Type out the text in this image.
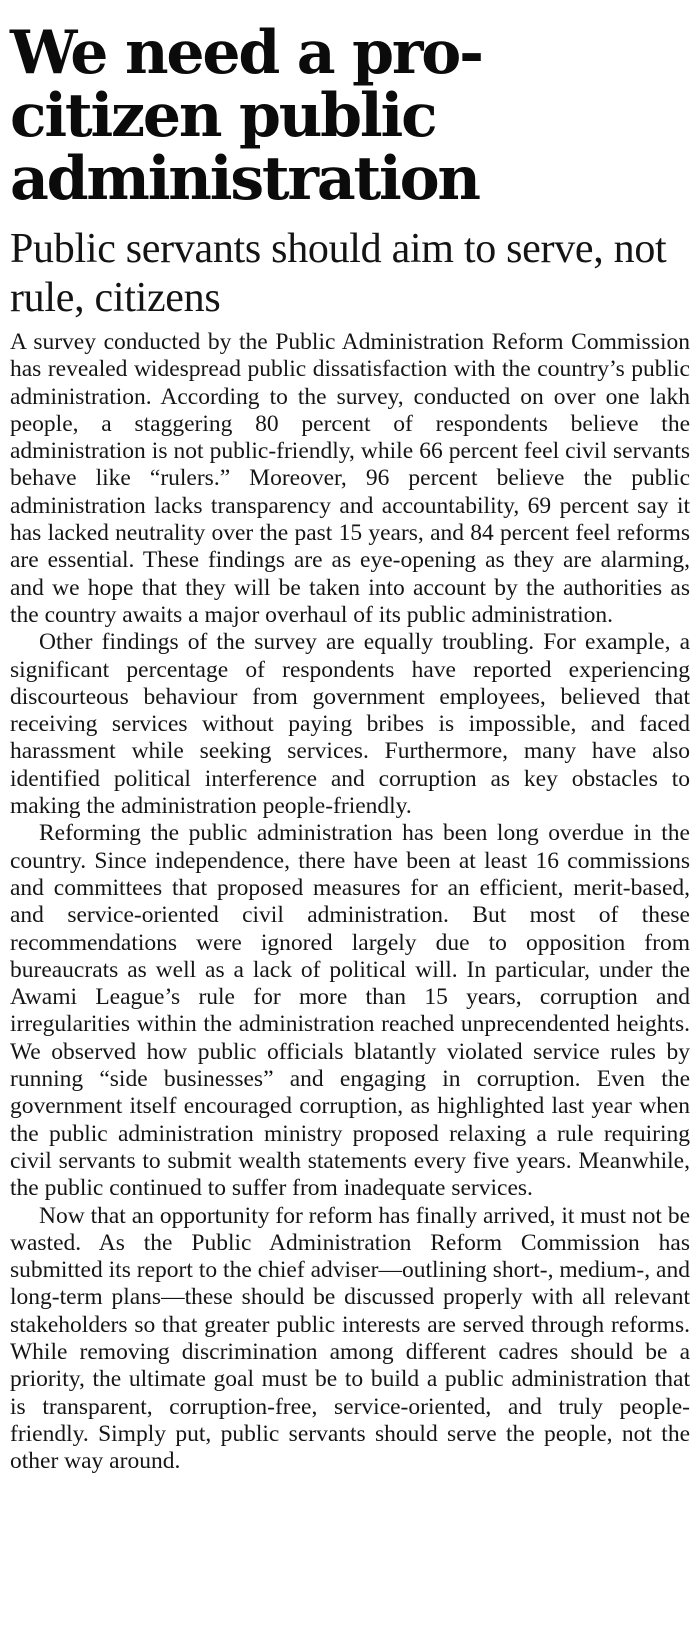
We need a pro-citizen public administration
Public servants should aim to serve, not rule, citizens

A survey conducted by the Public Administration Reform Commission has revealed widespread public dissatisfaction with the country’s public administration. According to the survey, conducted on over one lakh people, a staggering 80 percent of respondents believe the administration is not public-friendly, while 66 percent feel civil servants behave like “rulers.” Moreover, 96 percent believe the public administration lacks transparency and accountability, 69 percent say it has lacked neutrality over the past 15 years, and 84 percent feel reforms are essential. These findings are as eye-opening as they are alarming, and we hope that they will be taken into account by the authorities as the country awaits a major overhaul of its public administration.

Other findings of the survey are equally troubling. For example, a significant percentage of respondents have reported experiencing discourteous behaviour from government employees, believed that receiving services without paying bribes is impossible, and faced harassment while seeking services. Furthermore, many have also identified political interference and corruption as key obstacles to making the administration people-friendly.

Reforming the public administration has been long overdue in the country. Since independence, there have been at least 16 commissions and committees that proposed measures for an efficient, merit-based, and service-oriented civil administration. But most of these recommendations were ignored largely due to opposition from bureaucrats as well as a lack of political will. In particular, under the Awami League’s rule for more than 15 years, corruption and irregularities within the administration reached unprecendented heights. We observed how public officials blatantly violated service rules by running “side businesses” and engaging in corruption. Even the government itself encouraged corruption, as highlighted last year when the public administration ministry proposed relaxing a rule requiring civil servants to submit wealth statements every five years. Meanwhile, the public continued to suffer from inadequate services.

Now that an opportunity for reform has finally arrived, it must not be wasted. As the Public Administration Reform Commission has submitted its report to the chief adviser—outlining short-, medium-, and long-term plans—these should be discussed properly with all relevant stakeholders so that greater public interests are served through reforms. While removing discrimination among different cadres should be a priority, the ultimate goal must be to build a public administration that is transparent, corruption-free, service-oriented, and truly people-friendly. Simply put, public servants should serve the people, not the other way around.
